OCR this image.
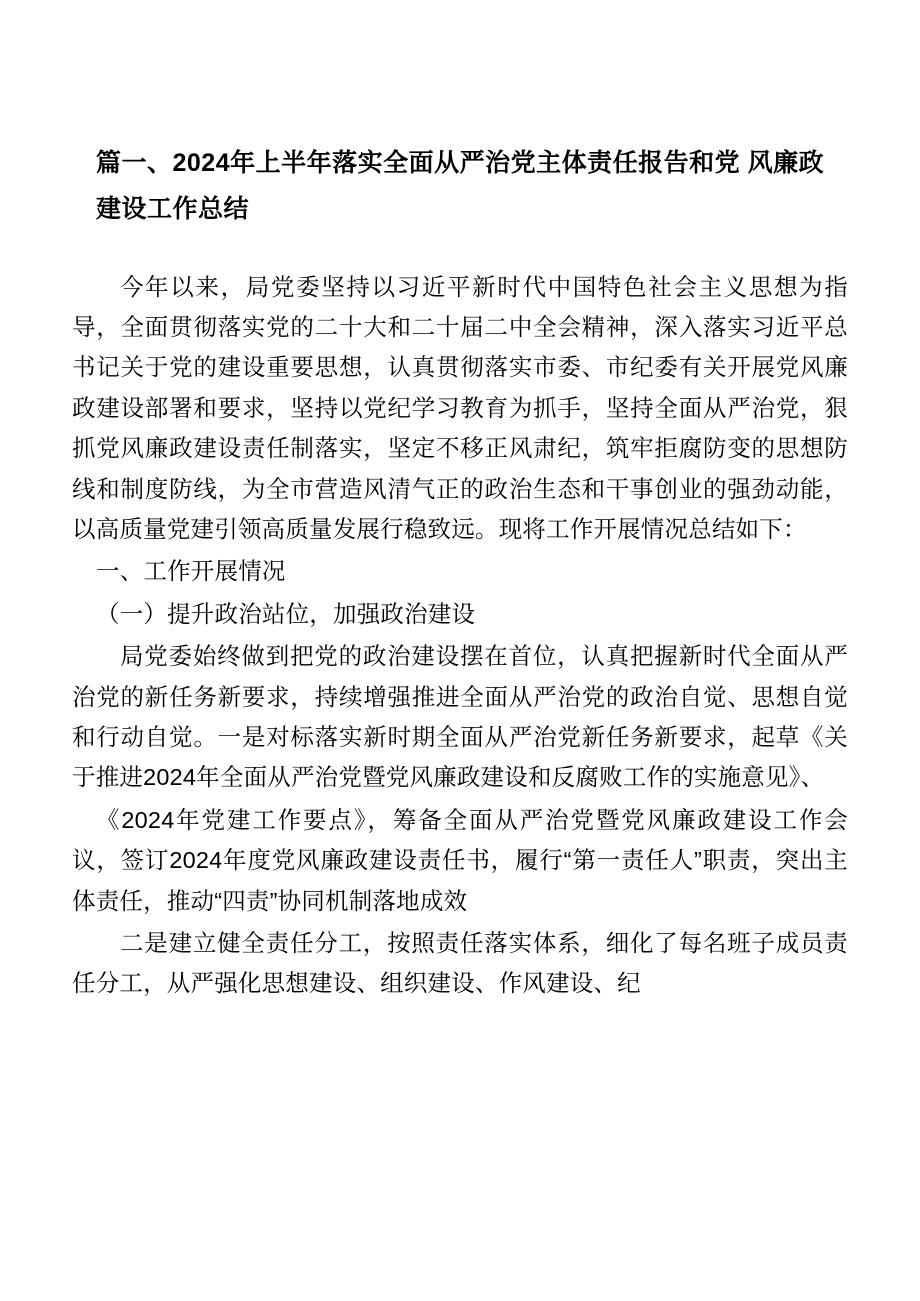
篇一、2024年上半年落实全面从严治党主体责任报告和党 风廉政建设工作总结

今年以来，局党委坚持以习近平新时代中国特色社会主义思想为指导，全面贯彻落实党的二十大和二十届二中全会精神，深入落实习近平总书记关于党的建设重要思想，认真贯彻落实市委、市纪委有关开展党风廉政建设部署和要求，坚持以党纪学习教育为抓手，坚持全面从严治党，狠抓党风廉政建设责任制落实，坚定不移正风肃纪，筑牢拒腐防变的思想防线和制度防线，为全市营造风清气正的政治生态和干事创业的强劲动能，以高质量党建引领高质量发展行稳致远。现将工作开展情况总结如下：

一、工作开展情况

（一）提升政治站位，加强政治建设

局党委始终做到把党的政治建设摆在首位，认真把握新时代全面从严治党的新任务新要求，持续增强推进全面从严治党的政治自觉、思想自觉和行动自觉。一是对标落实新时期全面从严治党新任务新要求，起草《关于推进2024年全面从严治党暨党风廉政建设和反腐败工作的实施意见》、

《2024年党建工作要点》，筹备全面从严治党暨党风廉政建设工作会议，签订2024年度党风廉政建设责任书，履行“第一责任人”职责，突出主体责任，推动“四责”协同机制落地成效

二是建立健全责任分工，按照责任落实体系，细化了每名班子成员责任分工，从严强化思想建设、组织建设、作风建设、纪
